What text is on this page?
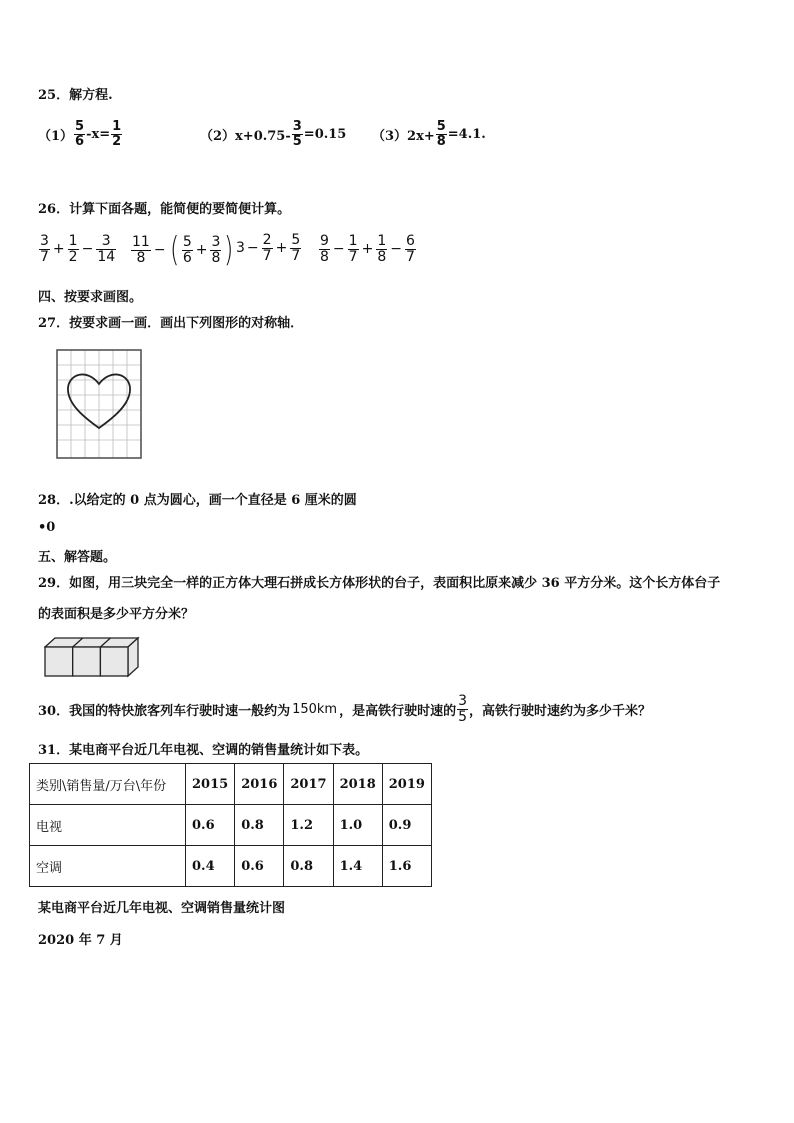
25．解方程.
$(1) \frac{5}{6} -x= \frac{1}{2}$	$(2)x+0.75- \frac{3}{5} =0.15$ $(3)2x+ \frac{5}{8} =4.1$.
26．计算下面各题，能简便的要简便计算。
$\frac{3}{7} + \frac{1}{2} - \frac{3}{14} \frac{11}{8}$ − ( $\frac{5}{6} + \frac{3}{8}$ ) $3 - \frac{2}{7} + \frac{5}{7} \frac{9}{8} - \frac{1}{7} + \frac{1}{8} - \frac{6}{7}$
四、按要求画图。
27．按要求画一画．画出下列图形的对称轴．
28．.以给定的 0 点为圆心，画一个直径是 6 厘米的圆
•0
五、解答题。
29．如图，用三块完全一样的正方体大理石拼成长方体形状的台子，表面积比原来减少 36 平方分米。这个长方体台子
的表面积是多少平方分米？
30．我国的特快旅客列车行驶时速一般约为 150km ，是高铁行驶时速的 $\frac{3}{5}$ ，高铁行驶时速约为多少千米？
31．某电商平台近几年电视、空调的销售量统计如下表。
类别\销售量/万台\年份	2015	2016	2017	2018	2019
电视	0.6	0.8	1.2	1.0	0.9
空调	0.4	0.6	0.8	1.4	1.6
某电商平台近几年电视、空调销售量统计图
2020 年 7 月
